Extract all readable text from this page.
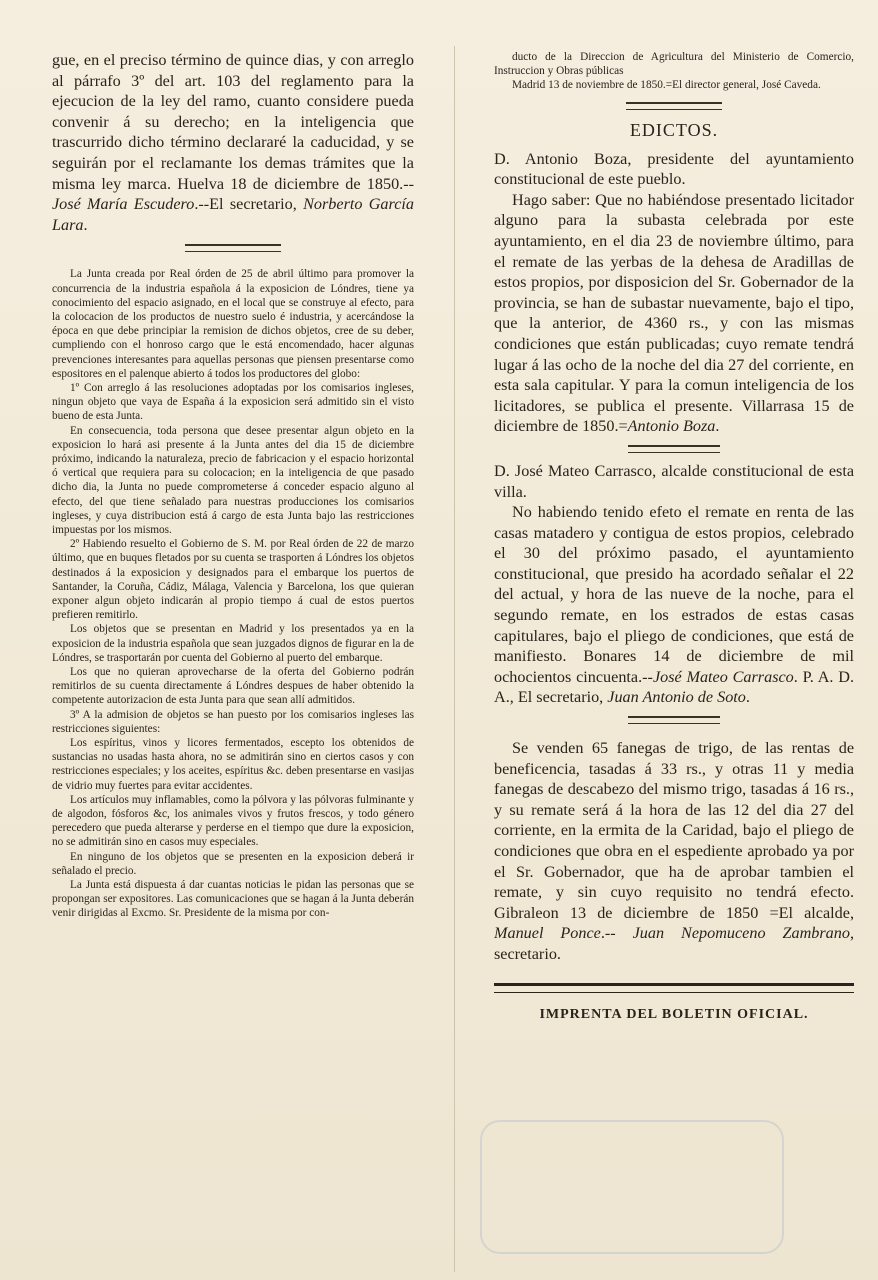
gue, en el preciso término de quince dias, y con arreglo al párrafo 3º del art. 103 del reglamento para la ejecucion de la ley del ramo, cuanto considere pueda convenir á su derecho; en la inteligencia que trascurrido dicho término declararé la caducidad, y se seguirán por el reclamante los demas trámites que la misma ley marca. Huelva 18 de diciembre de 1850.--José María Escudero.--El secretario, Norberto García Lara.

La Junta creada por Real órden de 25 de abril último para promover la concurrencia de la industria española á la exposicion de Lóndres, tiene ya conocimiento del espacio asignado, en el local que se construye al efecto, para la colocacion de los productos de nuestro suelo é industria, y acercándose la época en que debe principiar la remision de dichos objetos, cree de su deber, cumpliendo con el honroso cargo que le está encomendado, hacer algunas prevenciones interesantes para aquellas personas que piensen presentarse como espositores en el palenque abierto á todos los productores del globo:

1º Con arreglo á las resoluciones adoptadas por los comisarios ingleses, ningun objeto que vaya de España á la exposicion será admitido sin el visto bueno de esta Junta.

En consecuencia, toda persona que desee presentar algun objeto en la exposicion lo hará asi presente á la Junta antes del dia 15 de diciembre próximo, indicando la naturaleza, precio de fabricacion y el espacio horizontal ó vertical que requiera para su colocacion; en la inteligencia de que pasado dicho dia, la Junta no puede comprometerse á conceder espacio alguno al efecto, del que tiene señalado para nuestras producciones los comisarios ingleses, y cuya distribucion está á cargo de esta Junta bajo las restricciones impuestas por los mismos.

2º Habiendo resuelto el Gobierno de S. M. por Real órden de 22 de marzo último, que en buques fletados por su cuenta se trasporten á Lóndres los objetos destinados á la exposicion y designados para el embarque los puertos de Santander, la Coruña, Cádiz, Málaga, Valencia y Barcelona, los que quieran exponer algun objeto indicarán al propio tiempo á cual de estos puertos prefieren remitirlo.

Los objetos que se presentan en Madrid y los presentados ya en la exposicion de la industria española que sean juzgados dignos de figurar en la de Lóndres, se trasportarán por cuenta del Gobierno al puerto del embarque.

Los que no quieran aprovecharse de la oferta del Gobierno podrán remitirlos de su cuenta directamente á Lóndres despues de haber obtenido la competente autorizacion de esta Junta para que sean allí admitidos.

3º A la admision de objetos se han puesto por los comisarios ingleses las restricciones siguientes:

Los espíritus, vinos y licores fermentados, escepto los obtenidos de sustancias no usadas hasta ahora, no se admitirán sino en ciertos casos y con restricciones especiales; y los aceites, espíritus &c. deben presentarse en vasijas de vidrio muy fuertes para evitar accidentes.

Los artículos muy inflamables, como la pólvora y las pólvoras fulminante y de algodon, fósforos &c, los animales vivos y frutos frescos, y todo género perecedero que pueda alterarse y perderse en el tiempo que dure la exposicion, no se admitirán sino en casos muy especiales.

En ninguno de los objetos que se presenten en la exposicion deberá ir señalado el precio.

La Junta está dispuesta á dar cuantas noticias le pidan las personas que se propongan ser expositores. Las comunicaciones que se hagan á la Junta deberán venir dirigidas al Excmo. Sr. Presidente de la misma por con-

ducto de la Direccion de Agricultura del Ministerio de Comercio, Instruccion y Obras públicas

Madrid 13 de noviembre de 1850.=El director general, José Caveda.

EDICTOS.

D. Antonio Boza, presidente del ayuntamiento constitucional de este pueblo.

Hago saber: Que no habiéndose presentado licitador alguno para la subasta celebrada por este ayuntamiento, en el dia 23 de noviembre último, para el remate de las yerbas de la dehesa de Aradillas de estos propios, por disposicion del Sr. Gobernador de la provincia, se han de subastar nuevamente, bajo el tipo, que la anterior, de 4360 rs., y con las mismas condiciones que están publicadas; cuyo remate tendrá lugar á las ocho de la noche del dia 27 del corriente, en esta sala capitular. Y para la comun inteligencia de los licitadores, se publica el presente. Villarrasa 15 de diciembre de 1850.=Antonio Boza.

D. José Mateo Carrasco, alcalde constitucional de esta villa.

No habiendo tenido efeto el remate en renta de las casas matadero y contigua de estos propios, celebrado el 30 del próximo pasado, el ayuntamiento constitucional, que presido ha acordado señalar el 22 del actual, y hora de las nueve de la noche, para el segundo remate, en los estrados de estas casas capitulares, bajo el pliego de condiciones, que está de manifiesto. Bonares 14 de diciembre de mil ochocientos cincuenta.--José Mateo Carrasco. P. A. D. A., El secretario, Juan Antonio de Soto.

Se venden 65 fanegas de trigo, de las rentas de beneficencia, tasadas á 33 rs., y otras 11 y media fanegas de descabezo del mismo trigo, tasadas á 16 rs., y su remate será á la hora de las 12 del dia 27 del corriente, en la ermita de la Caridad, bajo el pliego de condiciones que obra en el espediente aprobado ya por el Sr. Gobernador, que ha de aprobar tambien el remate, y sin cuyo requisito no tendrá efecto. Gibraleon 13 de diciembre de 1850 =El alcalde, Manuel Ponce.-- Juan Nepomuceno Zambrano, secretario.

IMPRENTA DEL BOLETIN OFICIAL.
